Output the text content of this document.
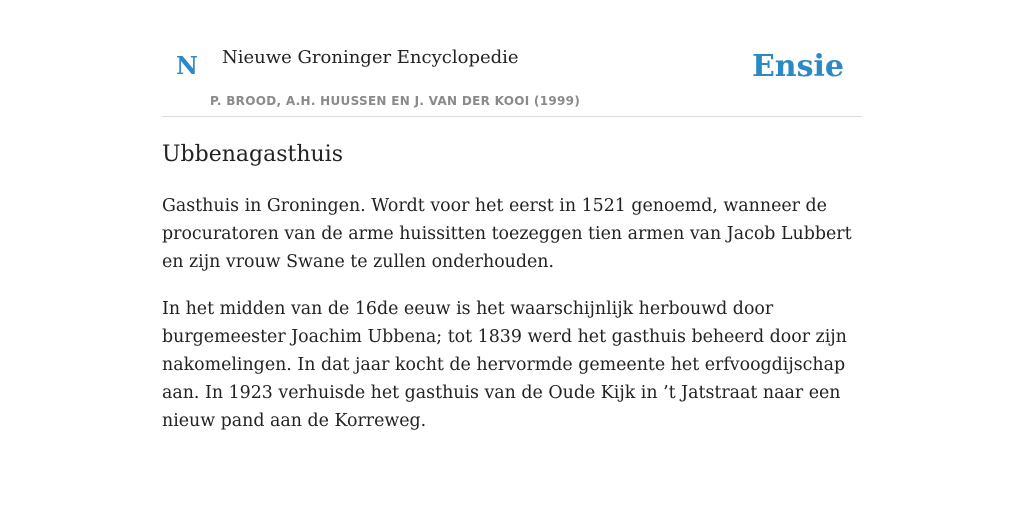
N Nieuwe Groninger Encyclopedie
P. BROOD, A.H. HUUSSEN EN J. VAN DER KOOI (1999)
Ensie
Ubbenagasthuis

Gasthuis in Groningen. Wordt voor het eerst in 1521 genoemd, wanneer de procuratoren van de arme huissitten toezeggen tien armen van Jacob Lubbert en zijn vrouw Swane te zullen onderhouden.

In het midden van de 16de eeuw is het waarschijnlijk herbouwd door burgemeester Joachim Ubbena; tot 1839 werd het gasthuis beheerd door zijn nakomelingen. In dat jaar kocht de hervormde gemeente het erfvoogdijschap aan. In 1923 verhuisde het gasthuis van de Oude Kijk in ’t Jatstraat naar een nieuw pand aan de Korreweg.
